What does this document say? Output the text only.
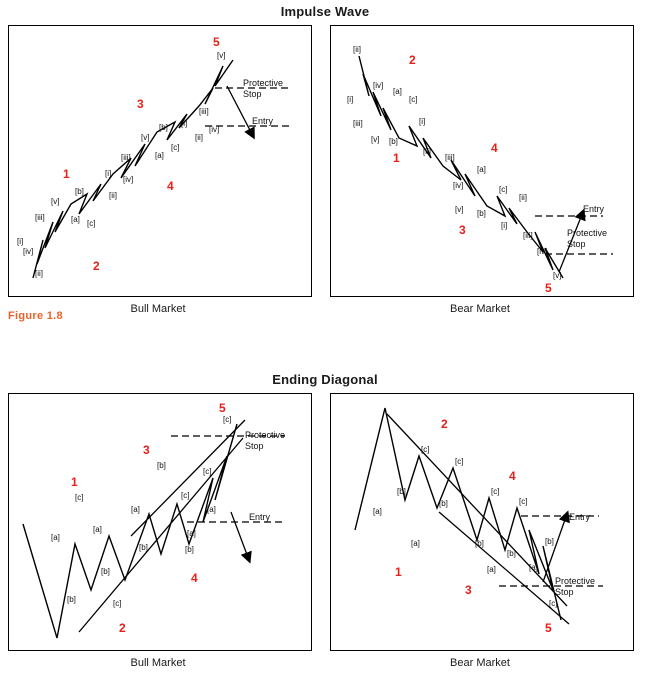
Impulse Wave
Protective
Stop
Entry
[i]
[ii]
[iii]
[iv]
[v]
[a]
[b]
[c]
[i]
[ii]
[iii]
[iv]
[v]
[a]
[b]
[c]
[i]
[ii]
[iii]
[iv]
[v]
1
2
3
4
5
Bull Market
Entry
Protective
Stop
[ii]
[i]
[iii]
[iv]
[v]
[a]
[b]
[c]
[i]
[ii]
[iii]
[iv]
[v]
[a]
[b]
[c]
[i]
[ii]
[iii]
[iv]
[v]
1
2
3
4
5
Bear Market
Figure 1.8
Ending Diagonal
Protective
Stop
Entry
[a]
[b]	[c]
[a]
[b]
[c]
[a]
[b]
[c]
[a]
[b]
[c]
[a]
[b]
[c]
1
2
3
4
5
Bull Market
Entry
Protective
Stop
[b]
[c]
[a]
[b]
[c]
[a]	[b]
[c]
[a]
[b]
[c]
[a]
[b]
[c]
1
2
3
4
5
Bear Market
